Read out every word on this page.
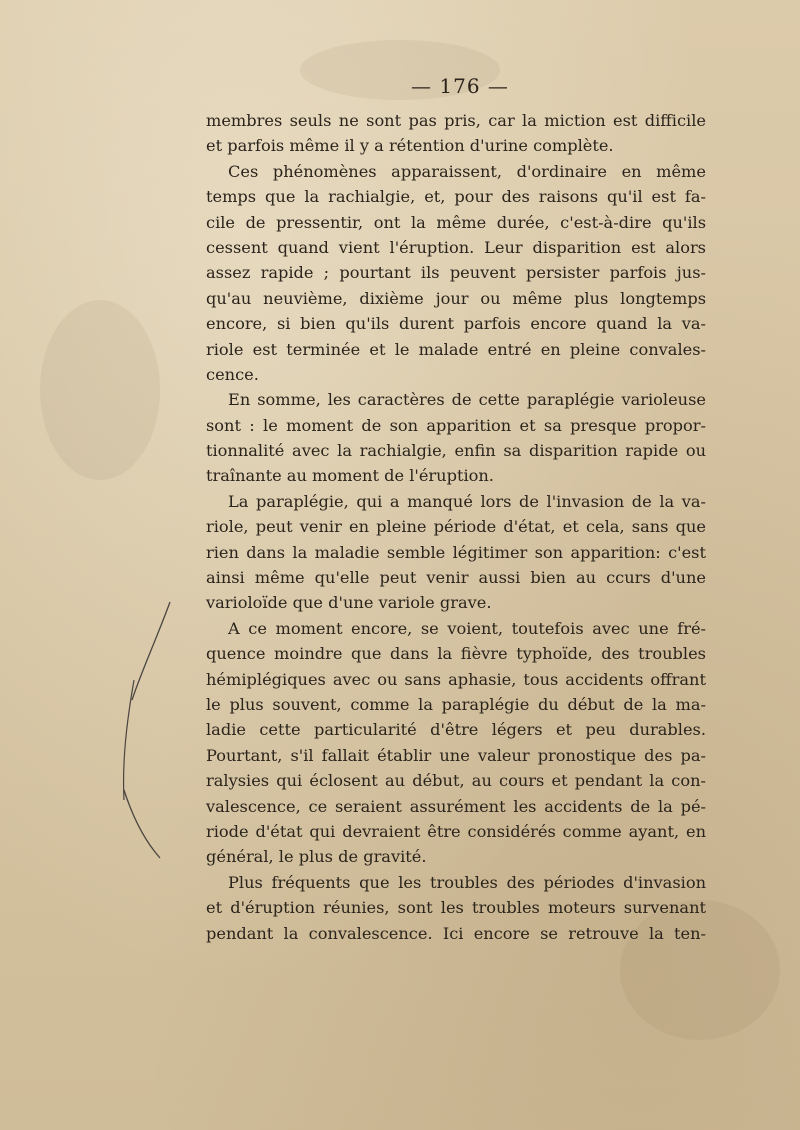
— 176 —
membres seuls ne sont pas pris, car la miction est difficile
et parfois même il y a rétention d'urine complète.
Ces phénomènes apparaissent, d'ordinaire en même
temps que la rachialgie, et, pour des raisons qu'il est fa-
cile de pressentir, ont la même durée, c'est-à-dire qu'ils
cessent quand vient l'éruption. Leur disparition est alors
assez rapide ; pourtant ils peuvent persister parfois jus-
qu'au neuvième, dixième jour ou même plus longtemps
encore, si bien qu'ils durent parfois encore quand la va-
riole est terminée et le malade entré en pleine convales-
cence.
En somme, les caractères de cette paraplégie varioleuse
sont : le moment de son apparition et sa presque propor-
tionnalité avec la rachialgie, enfin sa disparition rapide ou
traînante au moment de l'éruption.
La paraplégie, qui a manqué lors de l'invasion de la va-
riole, peut venir en pleine période d'état, et cela, sans que
rien dans la maladie semble légitimer son apparition: c'est
ainsi même qu'elle peut venir aussi bien au ccurs d'une
varioloïde que d'une variole grave.
A ce moment encore, se voient, toutefois avec une fré-
quence moindre que dans la fièvre typhoïde, des troubles
hémiplégiques avec ou sans aphasie, tous accidents offrant
le plus souvent, comme la paraplégie du début de la ma-
ladie cette particularité d'être légers et peu durables.
Pourtant, s'il fallait établir une valeur pronostique des pa-
ralysies qui éclosent au début, au cours et pendant la con-
valescence, ce seraient assurément les accidents de la pé-
riode d'état qui devraient être considérés comme ayant, en
général, le plus de gravité.
Plus fréquents que les troubles des périodes d'invasion
et d'éruption réunies, sont les troubles moteurs survenant
pendant la convalescence. Ici encore se retrouve la ten-
